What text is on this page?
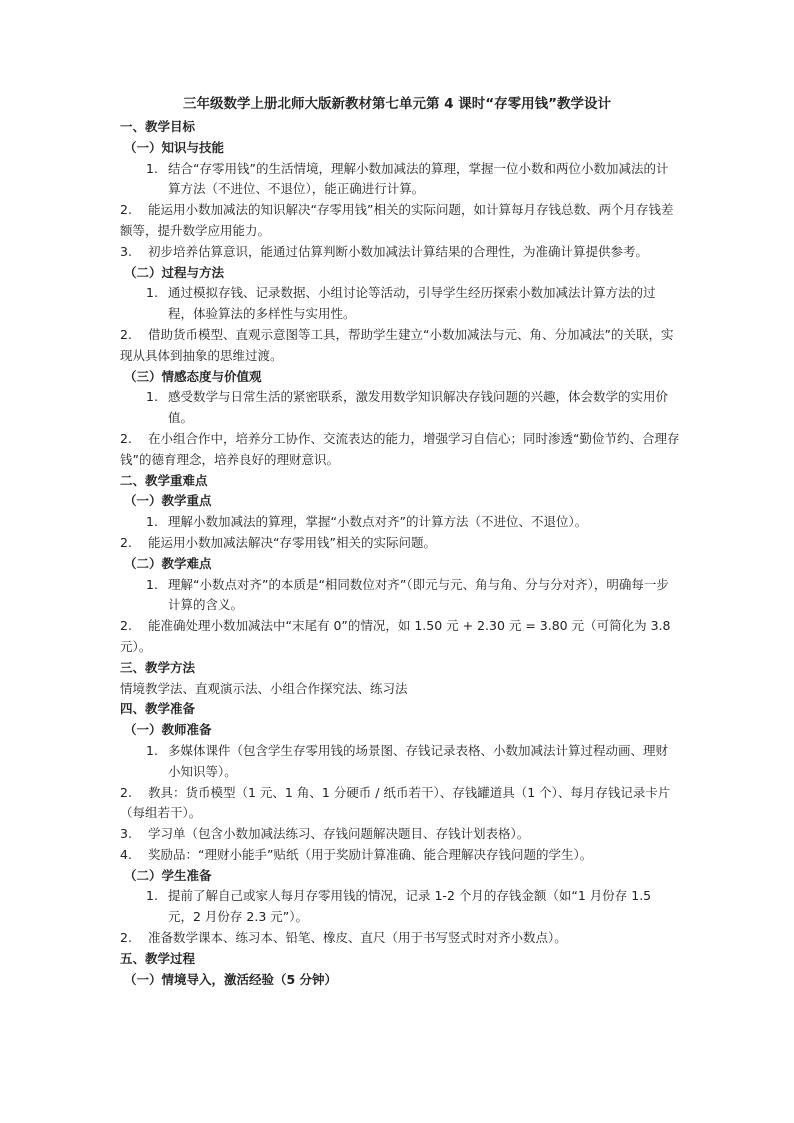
三年级数学上册北师大版新教材第七单元第 4 课时“存零用钱”教学设计
一、教学目标
（一）知识与技能
1. 结合“存零用钱”的生活情境，理解小数加减法的算理，掌握一位小数和两位小数加减法的计算方法（不进位、不退位），能正确进行计算。
2. 能运用小数加减法的知识解决“存零用钱”相关的实际问题，如计算每月存钱总数、两个月存钱差额等，提升数学应用能力。
3. 初步培养估算意识，能通过估算判断小数加减法计算结果的合理性，为准确计算提供参考。
（二）过程与方法
1. 通过模拟存钱、记录数据、小组讨论等活动，引导学生经历探索小数加减法计算方法的过程，体验算法的多样性与实用性。
2. 借助货币模型、直观示意图等工具，帮助学生建立“小数加减法与元、角、分加减法”的关联，实现从具体到抽象的思维过渡。
（三）情感态度与价值观
1. 感受数学与日常生活的紧密联系，激发用数学知识解决存钱问题的兴趣，体会数学的实用价值。
2. 在小组合作中，培养分工协作、交流表达的能力，增强学习自信心；同时渗透“勤俭节约、合理存钱”的德育理念，培养良好的理财意识。
二、教学重难点
（一）教学重点
1. 理解小数加减法的算理，掌握“小数点对齐”的计算方法（不进位、不退位）。
2. 能运用小数加减法解决“存零用钱”相关的实际问题。
（二）教学难点
1. 理解“小数点对齐”的本质是“相同数位对齐”（即元与元、角与角、分与分对齐），明确每一步计算的含义。
2. 能准确处理小数加减法中“末尾有 0”的情况，如 1.50 元 + 2.30 元 = 3.80 元（可简化为 3.8 元）。
三、教学方法
情境教学法、直观演示法、小组合作探究法、练习法
四、教学准备
（一）教师准备
1. 多媒体课件（包含学生存零用钱的场景图、存钱记录表格、小数加减法计算过程动画、理财小知识等）。
2. 教具：货币模型（1 元、1 角、1 分硬币 / 纸币若干）、存钱罐道具（1 个）、每月存钱记录卡片（每组若干）。
3. 学习单（包含小数加减法练习、存钱问题解决题目、存钱计划表格）。
4. 奖励品：“理财小能手”贴纸（用于奖励计算准确、能合理解决存钱问题的学生）。
（二）学生准备
1. 提前了解自己或家人每月存零用钱的情况，记录 1-2 个月的存钱金额（如“1 月份存 1.5 元，2 月份存 2.3 元”）。
2. 准备数学课本、练习本、铅笔、橡皮、直尺（用于书写竖式时对齐小数点）。
五、教学过程
（一）情境导入，激活经验（5 分钟）
